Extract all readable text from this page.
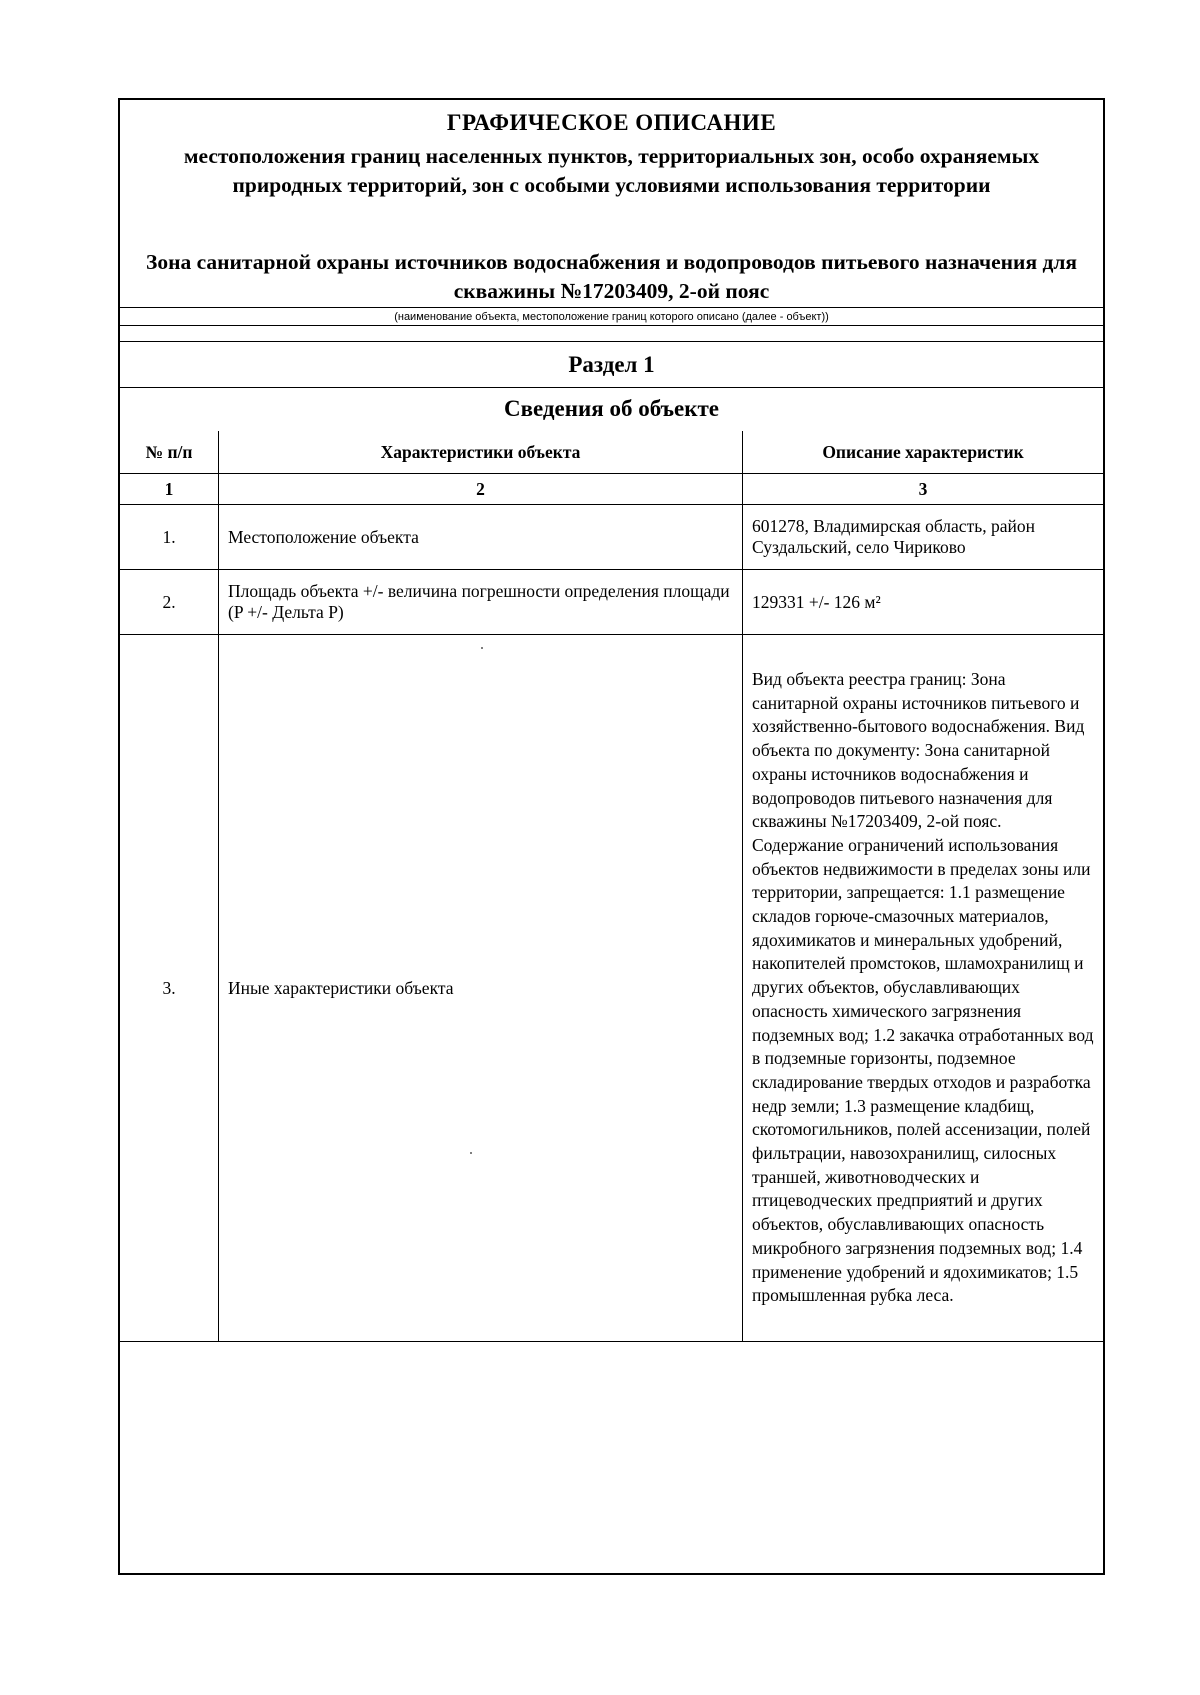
ГРАФИЧЕСКОЕ ОПИСАНИЕ
местоположения границ населенных пунктов, территориальных зон, особо охраняемых природных территорий, зон с особыми условиями использования территории
Зона санитарной охраны источников водоснабжения и водопроводов питьевого назначения для скважины №17203409, 2-ой пояс
(наименование объекта, местоположение границ которого описано (далее - объект))
Раздел 1
Сведения об объекте
№ п/п	Характеристики объекта	Описание характеристик
1	2	3
1.	Местоположение объекта	601278, Владимирская область, район Суздальский, село Чириково
2.	Площадь объекта +/- величина погрешности определения площади (P +/- Дельта P)	129331 +/- 126 м²
3.	Иные характеристики объекта	Вид объекта реестра границ: Зона санитарной охраны источников питьевого и хозяйственно-бытового водоснабжения. Вид объекта по документу: Зона санитарной охраны источников водоснабжения и водопроводов питьевого назначения для скважины №17203409, 2-ой пояс. Содержание ограничений использования объектов недвижимости в пределах зоны или территории, запрещается: 1.1 размещение складов горюче-смазочных материалов, ядохимикатов и минеральных удобрений, накопителей промстоков, шламохранилищ и других объектов, обуславливающих опасность химического загрязнения подземных вод; 1.2 закачка отработанных вод в подземные горизонты, подземное складирование твердых отходов и разработка недр земли; 1.3 размещение кладбищ, скотомогильников, полей ассенизации, полей фильтрации, навозохранилищ, силосных траншей, животноводческих и птицеводческих предприятий и других объектов, обуславливающих опасность микробного загрязнения подземных вод; 1.4 применение удобрений и ядохимикатов; 1.5 промышленная рубка леса.
